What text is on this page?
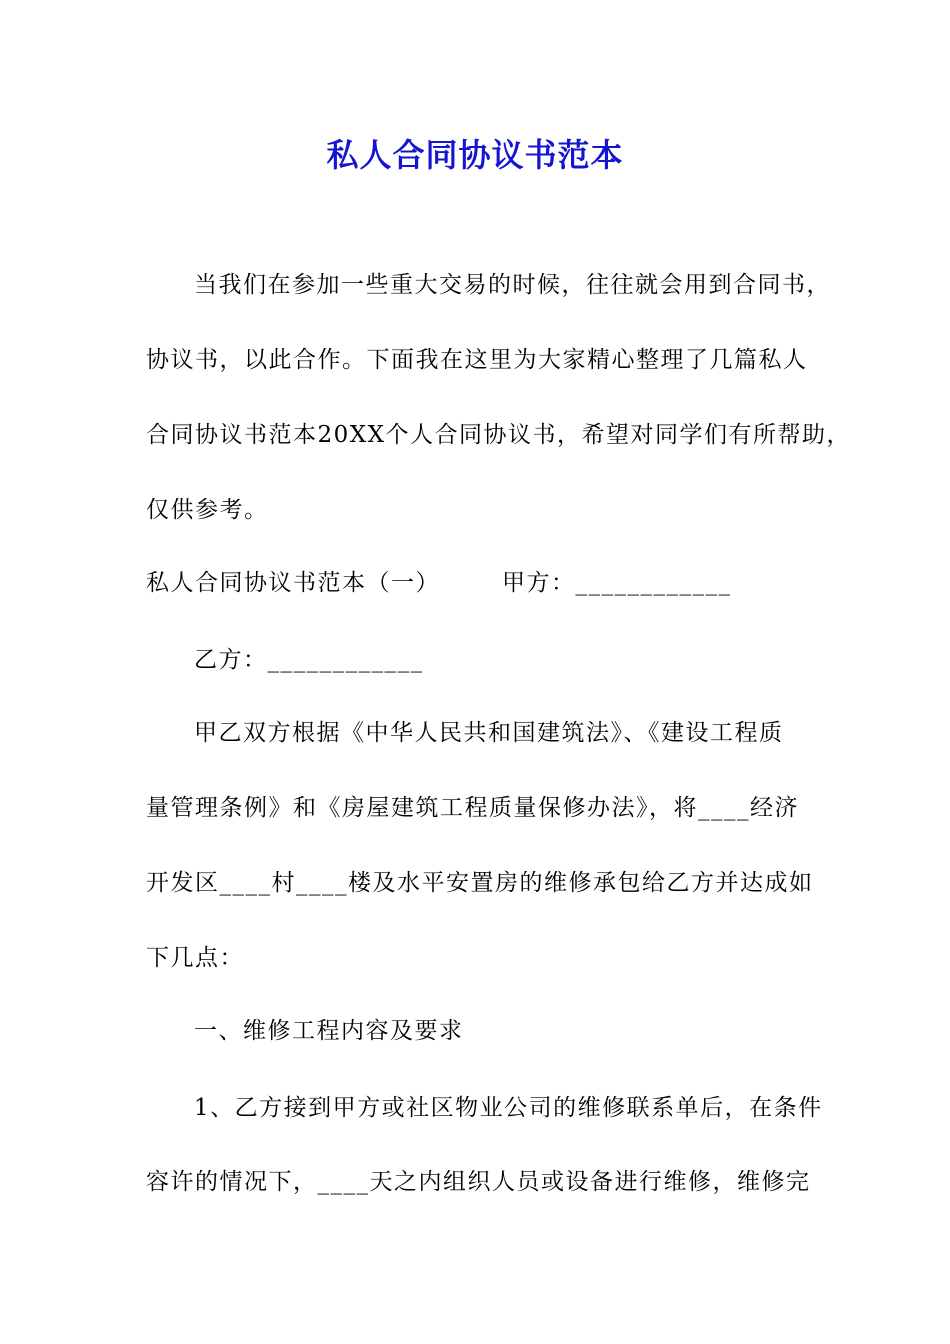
私人合同协议书范本
当我们在参加一些重大交易的时候，往往就会用到合同书，
协议书，以此合作。下面我在这里为大家精心整理了几篇私人
合同协议书范本20XX个人合同协议书，希望对同学们有所帮助，
仅供参考。
私人合同协议书范本（一）　　　甲方：____________
乙方：____________
甲乙双方根据《中华人民共和国建筑法》、《建设工程质
量管理条例》和《房屋建筑工程质量保修办法》，将____经济
开发区____村____楼及水平安置房的维修承包给乙方并达成如
下几点：
一、维修工程内容及要求
1、乙方接到甲方或社区物业公司的维修联系单后，在条件
容许的情况下，____天之内组织人员或设备进行维修，维修完
